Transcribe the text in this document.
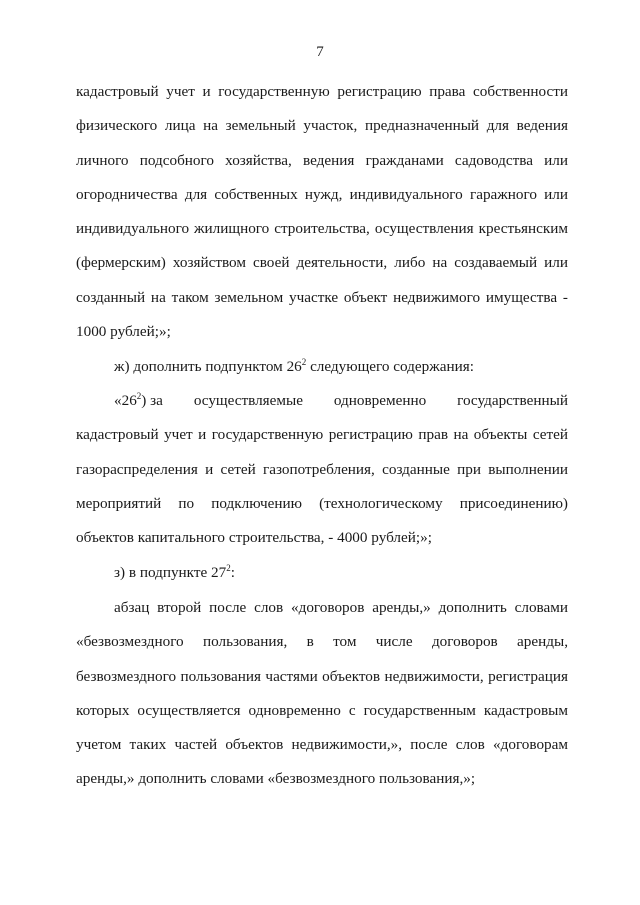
7
кадастровый учет и государственную регистрацию права собственности
физического лица на земельный участок, предназначенный для ведения
личного подсобного хозяйства, ведения гражданами садоводства или
огородничества для собственных нужд, индивидуального гаражного или
индивидуального жилищного строительства, осуществления крестьянским
(фермерским) хозяйством своей деятельности, либо на создаваемый или
созданный на таком земельном участке объект недвижимого имущества -
1000 рублей;»;
ж) дополнить подпунктом $26^2$ следующего содержания:
«$26^2$) за осуществляемые одновременно государственный
кадастровый учет и государственную регистрацию прав на объекты сетей
газораспределения и сетей газопотребления, созданные при выполнении
мероприятий по подключению (технологическому присоединению)
объектов капитального строительства, - 4000 рублей;»;
з) в подпункте $27^2$:
абзац второй после слов «договоров аренды,» дополнить словами
«безвозмездного пользования, в том числе договоров аренды,
безвозмездного пользования частями объектов недвижимости, регистрация
которых осуществляется одновременно с государственным кадастровым
учетом таких частей объектов недвижимости,», после слов «договорам
аренды,» дополнить словами «безвозмездного пользования,»;
